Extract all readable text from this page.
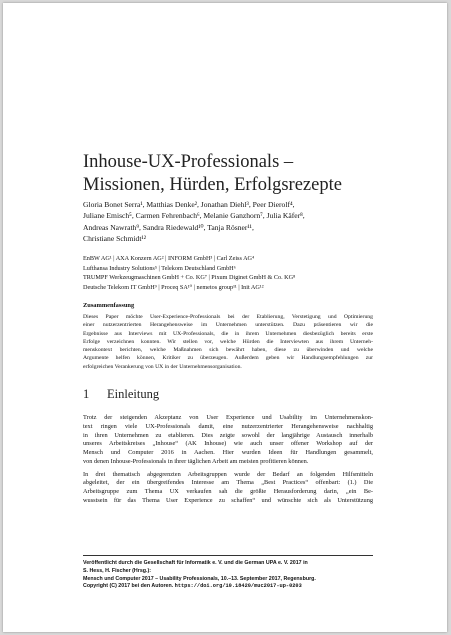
Inhouse-UX-Professionals –
Missionen, Hürden, Erfolgsrezepte
Gloria Bonet Serra¹, Matthias Denke², Jonathan Diehl³, Peer Dierolf⁴,
Juliane Emisch⁵, Carmen Fehrenbach⁶, Melanie Ganzhorn⁷, Julia Käfer⁸,
Andreas Nawrath⁹, Sandra Riedewald¹⁰, Tanja Rösner¹¹,
Christiane Schmidt¹²
EnBW AG¹ | AXA Konzern AG² | INFORM GmbH³ | Carl Zeiss AG⁴
Lufthansa Industry Solutions⁵ | Telekom Deutschland GmbH⁶
TRUMPF Werkzeugmaschinen GmbH + Co. KG⁷ | Pixum Diginet GmbH & Co. KG⁸
Deutsche Telekom IT GmbH⁹ | Proceq SA¹⁰ | nemetos group¹¹ | Init AG¹²
Zusammenfassung
Dieses Paper möchte User-Experience-Professionals bei der Etablierung, Verstetigung und Optimierung
einer nutzerzentrierten Herangehensweise im Unternehmen unterstützen. Dazu präsentieren wir die
Ergebnisse aus Interviews mit UX-Professionals, die in ihrem Unternehmen diesbezüglich bereits erste
Erfolge verzeichnen konnten. Wir stellen vor, welche Hürden die Interviewten aus ihrem Unterneh-
menskontext berichten, welche Maßnahmen sich bewährt haben, diese zu überwinden und welche
Argumente helfen können, Kritiker zu überzeugen. Außerdem geben wir Handlungsempfehlungen zur
erfolgreichen Verankerung von UX in der Unternehmensorganisation.
1 Einleitung
Trotz der steigenden Akzeptanz von User Experience und Usability im Unternehmenskon-
text ringen viele UX-Professionals damit, eine nutzerzentrierter Herangehensweise nachhaltig
in ihren Unternehmen zu etablieren. Dies zeigte sowohl der langjährige Austausch innerhalb
unseres Arbeitskreises „Inhouse“ (AK Inhouse) wie auch unser offener Workshop auf der
Mensch und Computer 2016 in Aachen. Hier wurden Ideen für Handlungen gesammelt,
von denen Inhouse-Professionals in ihrer täglichen Arbeit am meisten profitieren können.
In drei thematisch abgegrenzten Arbeitsgruppen wurde der Bedarf an folgenden Hilfsmitteln
abgeleitet, der ein übergreifendes Interesse am Thema „Best Practices“ offenbart: (1.) Die
Arbeitsgruppe zum Thema UX verkaufen sah die größte Herausforderung darin, „ein Be-
wusstsein für das Thema User Experience zu schaffen“ und wünschte sich als Unterstützung
Veröffentlicht durch die Gesellschaft für Informatik e. V. und die German UPA e. V. 2017 in
S. Hess, H. Fischer (Hrsg.):
Mensch und Computer 2017 – Usability Professionals, 10.–13. September 2017, Regensburg.
Copyright (C) 2017 bei den Autoren. https://doi.org/10.18420/muc2017-up-0203
